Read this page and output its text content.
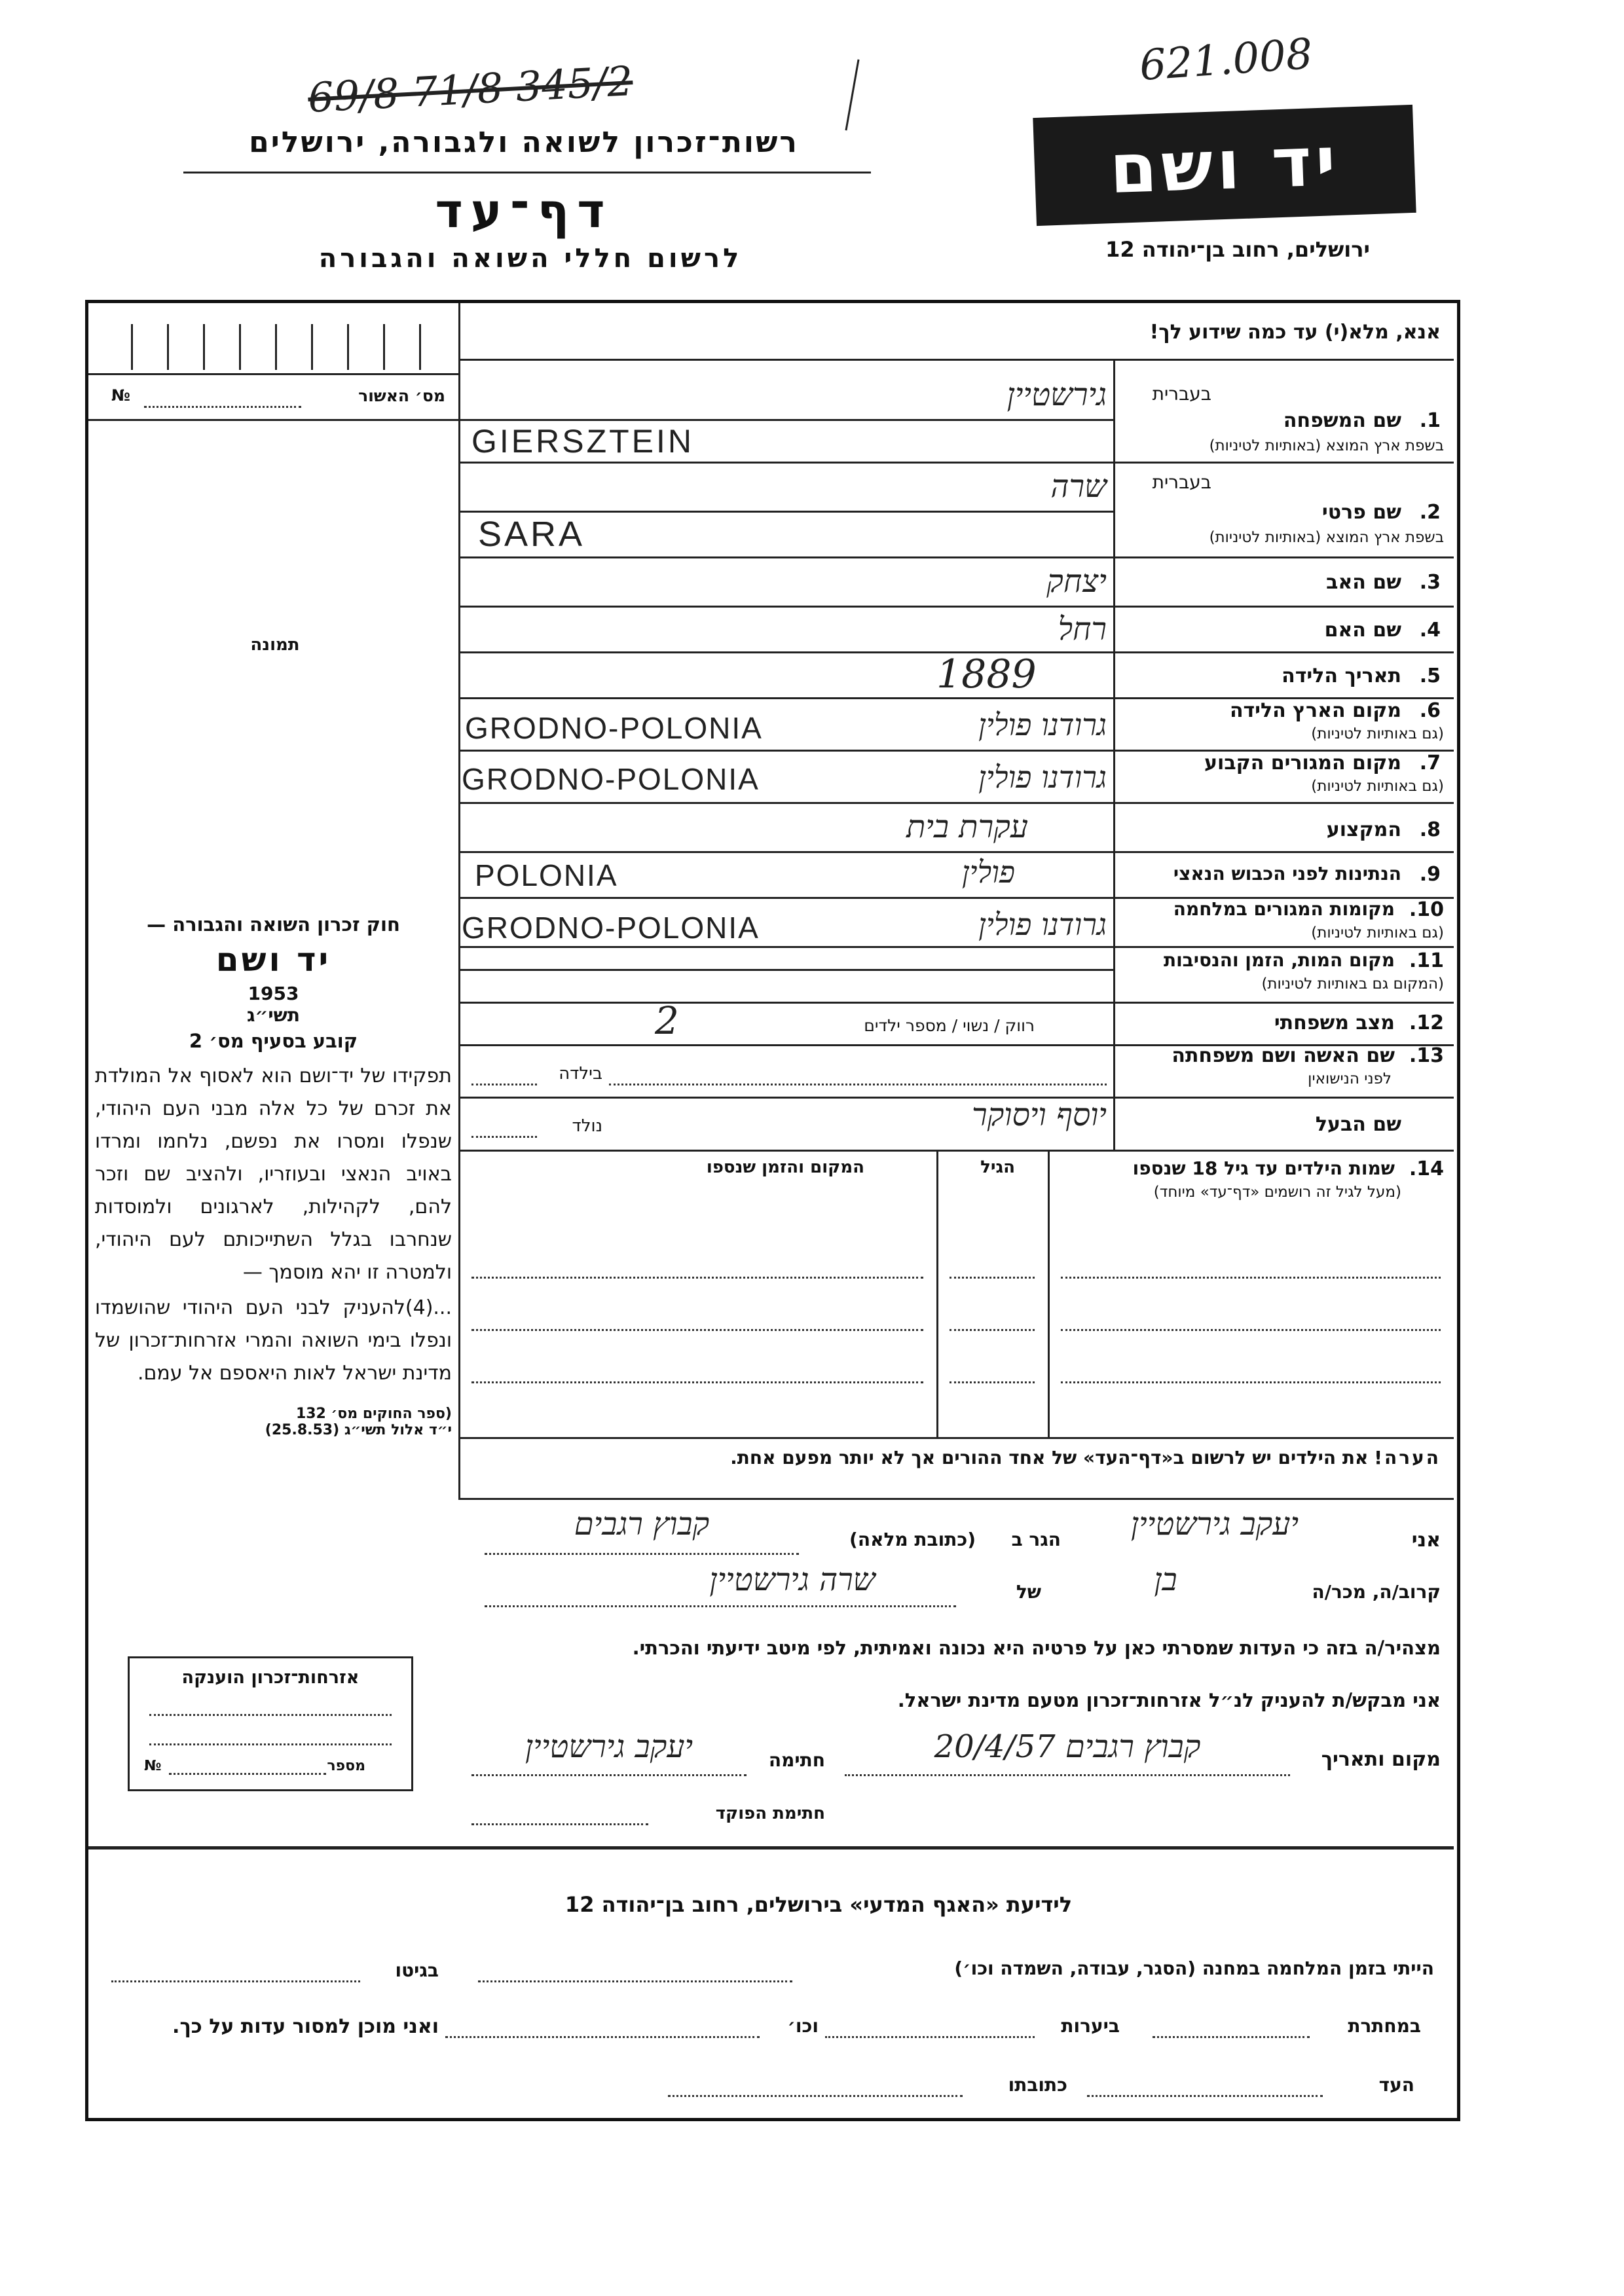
621.008
69/8 71/8 345/2
רשות־זכרון לשואה ולגבורה, ירושלים
דף־עד
לרשום חללי השואה והגבורה
יד ושם
ירושלים, רחוב בן־יהודה 12
אנא, מלא(י) עד כמה שידוע לך!
מס׳ האשור
№
תמונה
בעברית
1.
שם המשפחה
בשפת ארץ המוצא (באותיות לטיניות)
גירשטיין
GIERSZTEIN
בעברית
2.
שם פרטי
בשפת ארץ המוצא (באותיות לטיניות)
שרה
SARA
3.
שם האב
יצחק
4.
שם האם
רחל
5.
תאריך הלידה
1889
6.
מקום הארץ הלידה
(גם באותיות לטיניות)
גרודנו פולין
GRODNO-POLONIA
7.
מקום המגורים הקבוע
(גם באותיות לטיניות)
גרודנו פולין
GRODNO-POLONIA
8.
המקצוע
עקרת בית
9.
הנתינות לפני הכבוש הנאצי
פולין
POLONIA
10.
מקומות המגורים במלחמה
(גם באותיות לטיניות)
גרודנו פולין
GRODNO-POLONIA
11.
מקום המות, הזמן והנסיבות
(המקום גם באותיות לטיניות)
12.
מצב משפחתי
רווק / נשוי / מספר ילדים
2
13.
שם האשה ושם משפחתה
לפני הנישואין
בילדה
שם הבעל
יוסף ויסוקר
נולד
14.
שמות הילדים עד גיל 18 שנספו
(מעל לגיל זה רושמים «דף־עד» מיוחד)
הגיל
המקום והזמן שנספו
הערה! את הילדים יש לרשום ב«דף־העד» של אחד ההורים אך לא יותר מפעם אחת.
חוק זכרון השואה והגבורה —
יד ושם
1953
תשי״ג
קובע בסעיף מס׳ 2
תפקידו של יד־ושם הוא לאסוף אל המולדת את זכרם של כל אלה מבני העם היהודי, שנפלו ומסרו את נפשם, נלחמו ומרדו באויב הנאצי ובעוזריו, ולהציב שם וזכר להם, לקהילות, לארגונים ולמוסדות שנחרבו בגלל השתייכותם לעם היהודי, ולמטרה זו יהא מוסמך —
...(4)להעניק לבני העם היהודי שהושמדו ונפלו בימי השואה והמרי אזרחות־זכרון של מדינת ישראל לאות היאספם אל עמם.
(ספר החוקים מס׳ 132
י״ד אלול תשי״ג (25.8.53)
אני
יעקב גירשטיין
הגר ב
(כתובת מלאה)
קבוץ רגבים
קרוב/ה, מכר/ה
בן
של
שרה גירשטיין
מצהיר/ה בזה כי העדות שמסרתי כאן על פרטיה היא נכונה ואמיתית, לפי מיטב ידיעתי והכרתי.
אני מבקש/ת להעניק לנ״ל אזרחות־זכרון מטעם מדינת ישראל.
מקום ותאריך
קבוץ רגבים 20/4/57
חתימה
יעקב גירשטיין
חתימת הפוקד
אזרחות־זכרון הוענקה
№	מספר
לידיעת «האגף המדעי» בירושלים, רחוב בן־יהודה 12
הייתי בזמן המלחמה במחנה (הסגר, עבודה, השמדה וכו׳)
בגיטו
במחתרת
ביערות
וכו׳
ואני מוכן למסור עדות על כך.
העד
כתובתו
